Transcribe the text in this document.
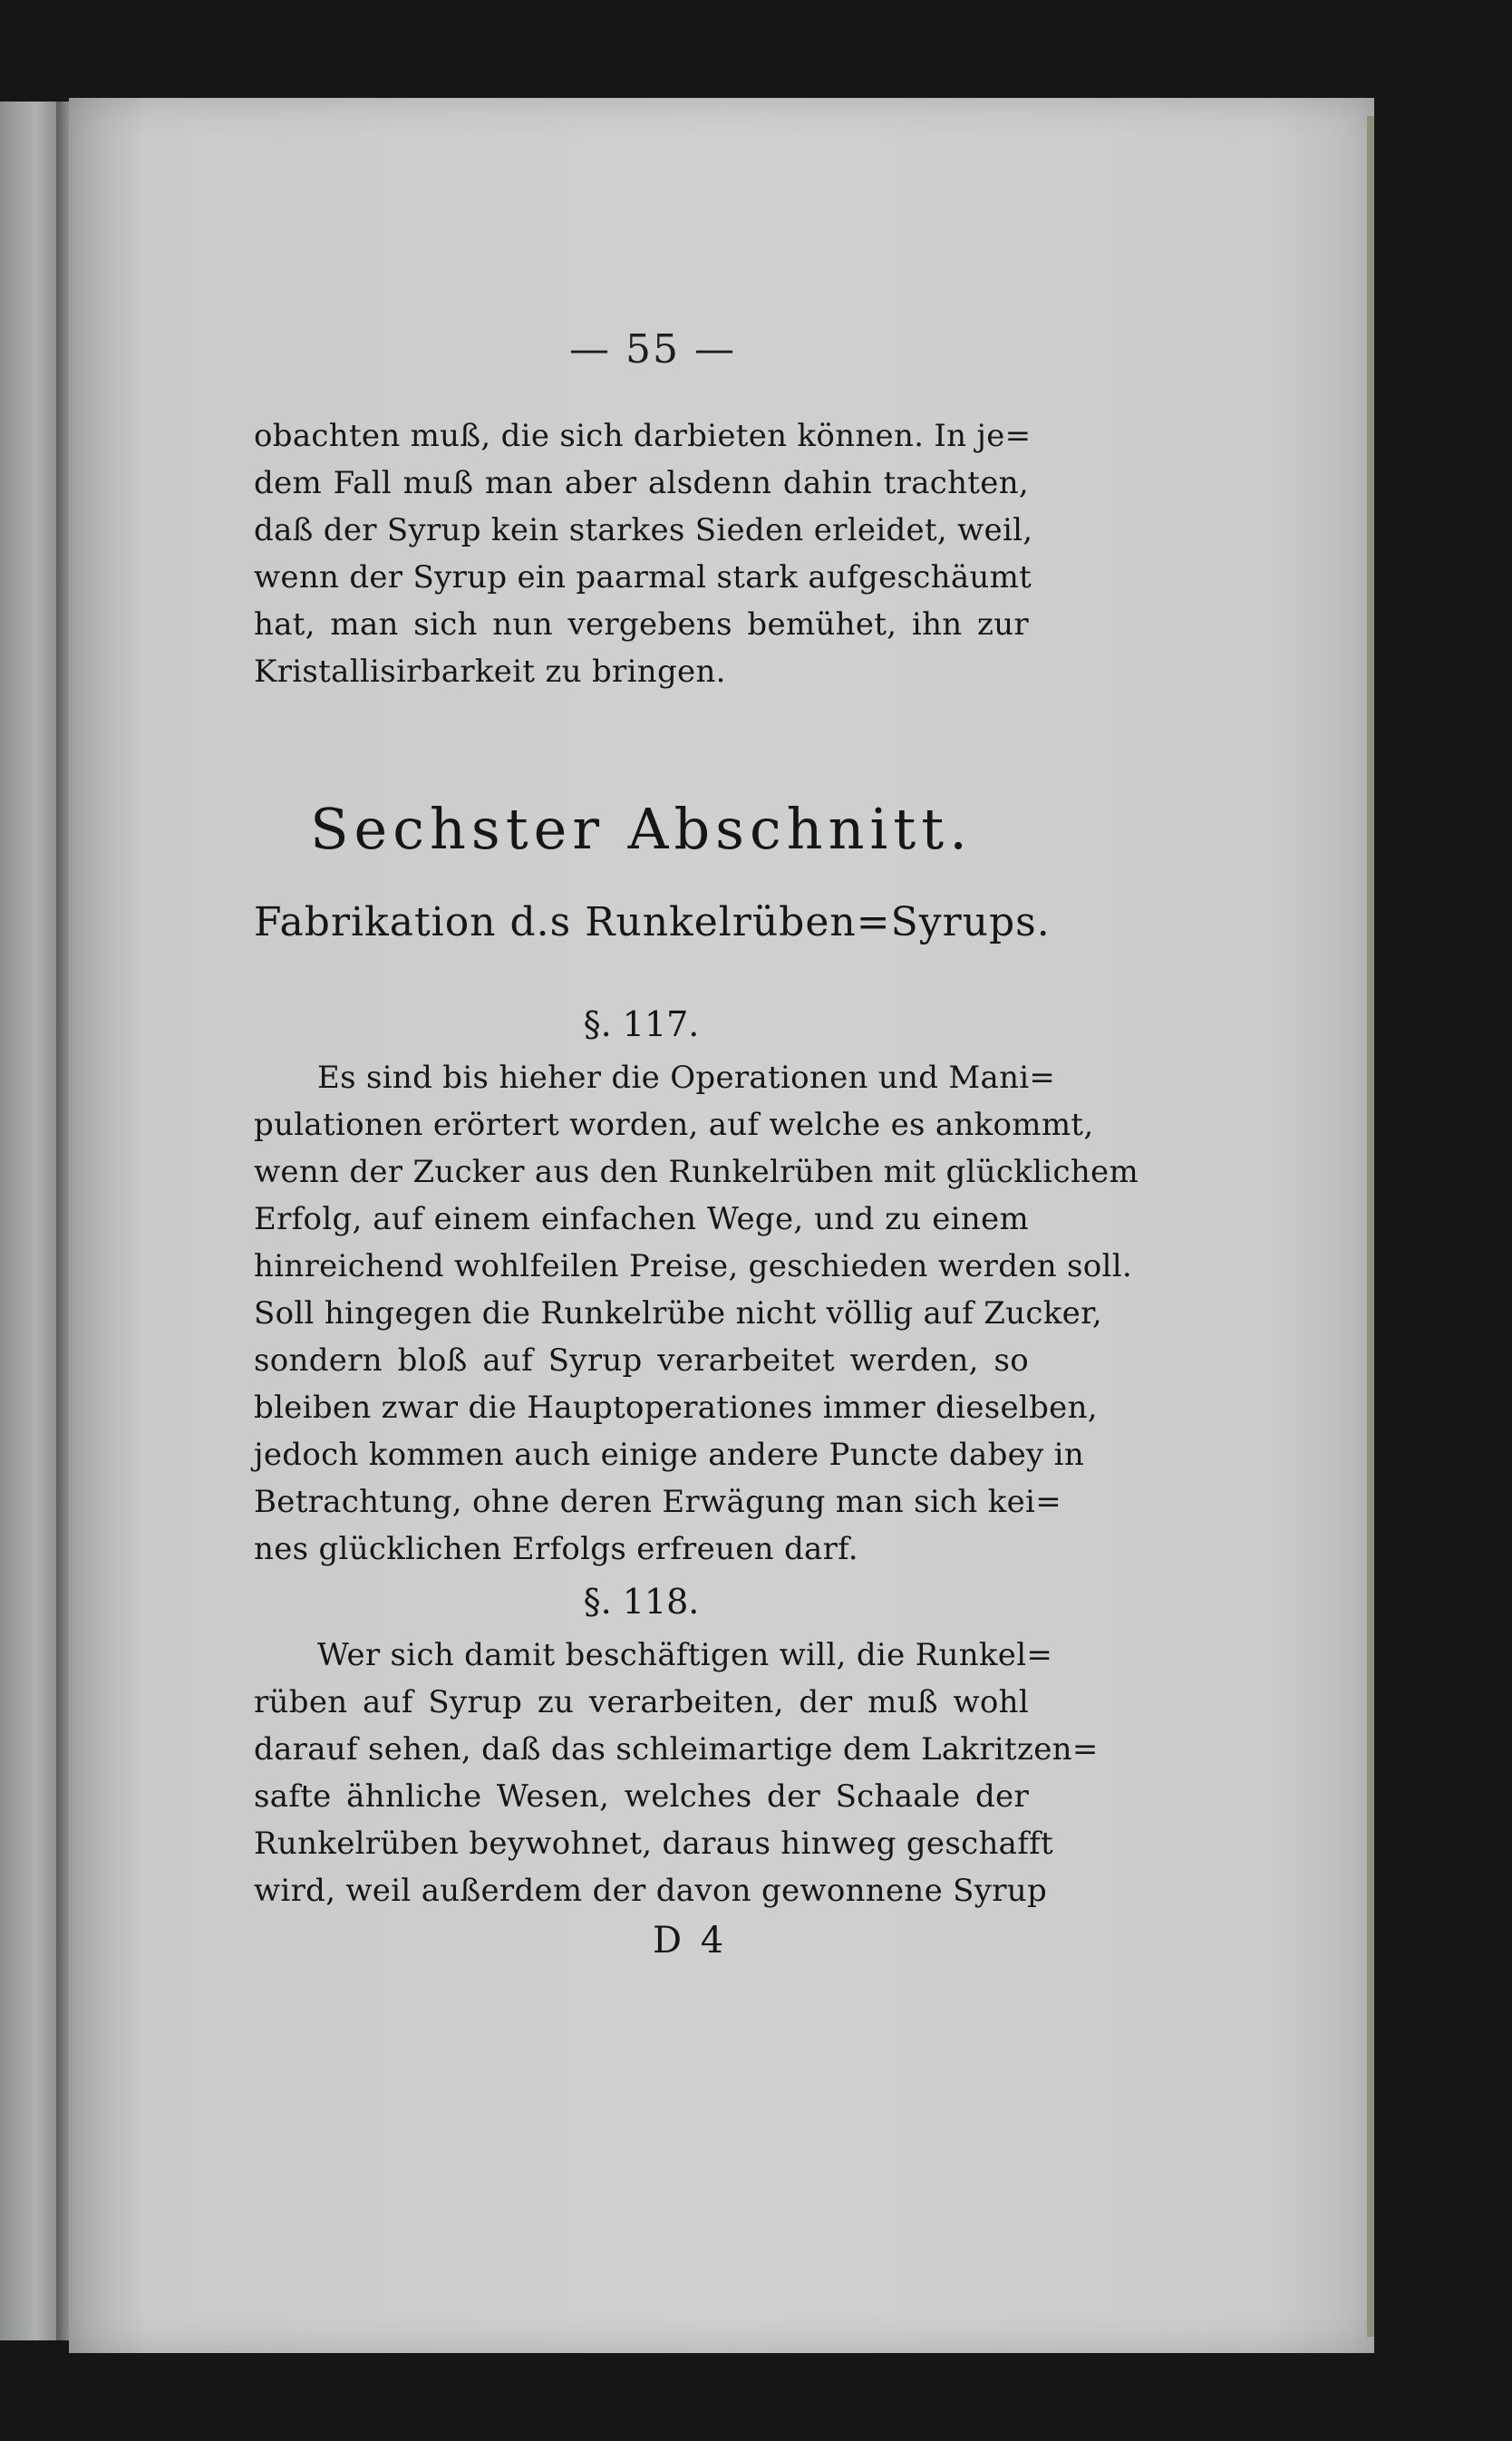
— 55 —
obachten muß, die sich darbieten können. In je=
dem Fall muß man aber alsdenn dahin trachten,
daß der Syrup kein starkes Sieden erleidet, weil,
wenn der Syrup ein paarmal stark aufgeschäumt
hat, man sich nun vergebens bemühet, ihn zur
Kristallisirbarkeit zu bringen.
Sechster Abschnitt.
Fabrikation d.s Runkelrüben=Syrups.
§. 117.
Es sind bis hieher die Operationen und Mani=
pulationen erörtert worden, auf welche es ankommt,
wenn der Zucker aus den Runkelrüben mit glücklichem
Erfolg, auf einem einfachen Wege, und zu einem
hinreichend wohlfeilen Preise, geschieden werden soll.
Soll hingegen die Runkelrübe nicht völlig auf Zucker,
sondern bloß auf Syrup verarbeitet werden, so
bleiben zwar die Hauptoperationes immer dieselben,
jedoch kommen auch einige andere Puncte dabey in
Betrachtung, ohne deren Erwägung man sich kei=
nes glücklichen Erfolgs erfreuen darf.
§. 118.
Wer sich damit beschäftigen will, die Runkel=
rüben auf Syrup zu verarbeiten, der muß wohl
darauf sehen, daß das schleimartige dem Lakritzen=
safte ähnliche Wesen, welches der Schaale der
Runkelrüben beywohnet, daraus hinweg geschafft
wird, weil außerdem der davon gewonnene Syrup
D 4
